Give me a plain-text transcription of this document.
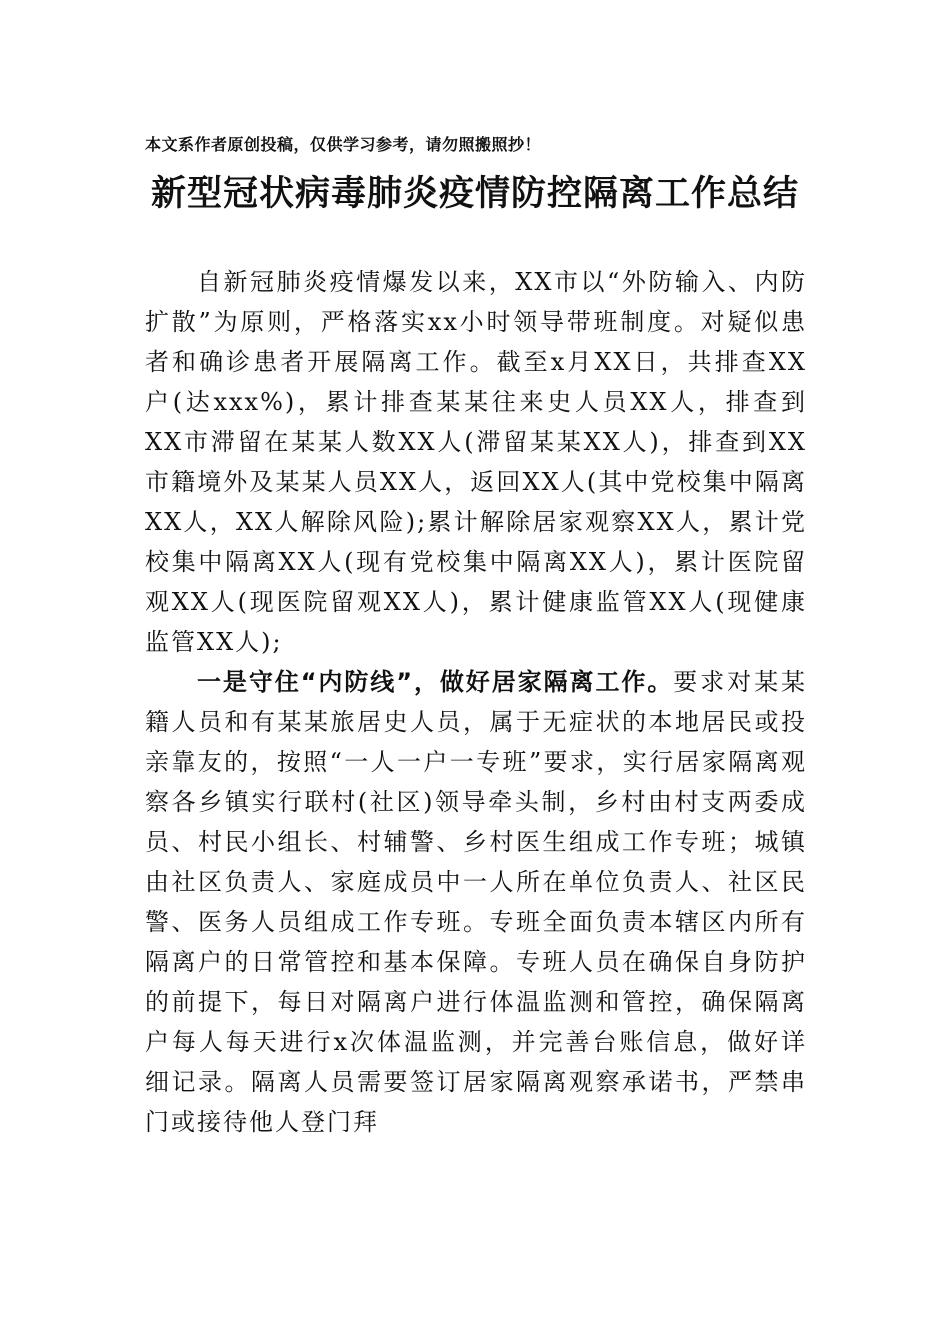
本文系作者原创投稿，仅供学习参考，请勿照搬照抄！
新型冠状病毒肺炎疫情防控隔离工作总结

自新冠肺炎疫情爆发以来，XX市以“外防输入、内防扩散”为原则，严格落实xx小时领导带班制度。对疑似患者和确诊患者开展隔离工作。截至x月XX日，共排查XX户(达xxx%)，累计排查某某往来史人员XX人，排查到XX市滞留在某某人数XX人(滞留某某XX人)，排查到XX市籍境外及某某人员XX人，返回XX人(其中党校集中隔离XX人，XX人解除风险);累计解除居家观察XX人，累计党校集中隔离XX人(现有党校集中隔离XX人)，累计医院留观XX人(现医院留观XX人)，累计健康监管XX人(现健康监管XX人);

一是守住“内防线”，做好居家隔离工作。要求对某某籍人员和有某某旅居史人员，属于无症状的本地居民或投亲靠友的，按照“一人一户一专班”要求，实行居家隔离观察各乡镇实行联村(社区)领导牵头制，乡村由村支两委成员、村民小组长、村辅警、乡村医生组成工作专班；城镇由社区负责人、家庭成员中一人所在单位负责人、社区民警、医务人员组成工作专班。专班全面负责本辖区内所有隔离户的日常管控和基本保障。专班人员在确保自身防护的前提下，每日对隔离户进行体温监测和管控，确保隔离户每人每天进行x次体温监测，并完善台账信息，做好详细记录。隔离人员需要签订居家隔离观察承诺书，严禁串门或接待他人登门拜
